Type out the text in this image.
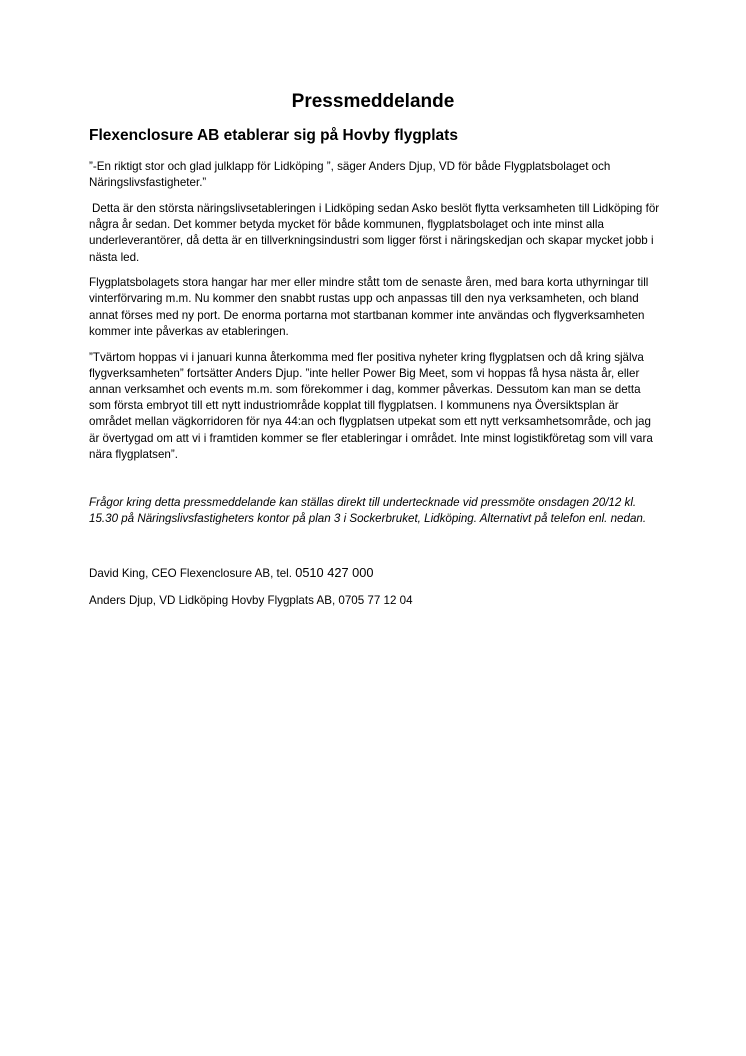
Pressmeddelande
Flexenclosure AB etablerar sig på Hovby flygplats

”-En riktigt stor och glad julklapp för Lidköping ”, säger Anders Djup, VD för både Flygplatsbolaget och Näringslivsfastigheter.”

Detta är den största näringslivsetableringen i Lidköping sedan Asko beslöt flytta verksamheten till Lidköping för några år sedan. Det kommer betyda mycket för både kommunen, flygplatsbolaget och inte minst alla underleverantörer, då detta är en tillverkningsindustri som ligger först i näringskedjan och skapar mycket jobb i nästa led.

Flygplatsbolagets stora hangar har mer eller mindre stått tom de senaste åren, med bara korta uthyrningar till vinterförvaring m.m. Nu kommer den snabbt rustas upp och anpassas till den nya verksamheten, och bland annat förses med ny port. De enorma portarna mot startbanan kommer inte användas och flygverksamheten kommer inte påverkas av etableringen.

”Tvärtom hoppas vi i januari kunna återkomma med fler positiva nyheter kring flygplatsen och då kring själva flygverksamheten” fortsätter Anders Djup. ”inte heller Power Big Meet, som vi hoppas få hysa nästa år, eller annan verksamhet och events m.m. som förekommer i dag, kommer påverkas. Dessutom kan man se detta som första embryot till ett nytt industriområde kopplat till flygplatsen. I kommunens nya Översiktsplan är området mellan vägkorridoren för nya 44:an och flygplatsen utpekat som ett nytt verksamhetsområde, och jag är övertygad om att vi i framtiden kommer se fler etableringar i området. Inte minst logistikföretag som vill vara nära flygplatsen”.

Frågor kring detta pressmeddelande kan ställas direkt till undertecknade vid pressmöte onsdagen 20/12 kl. 15.30 på Näringslivsfastigheters kontor på plan 3 i Sockerbruket, Lidköping. Alternativt på telefon enl. nedan.

David King, CEO Flexenclosure AB, tel. 0510 427 000

Anders Djup, VD Lidköping Hovby Flygplats AB, 0705 77 12 04
